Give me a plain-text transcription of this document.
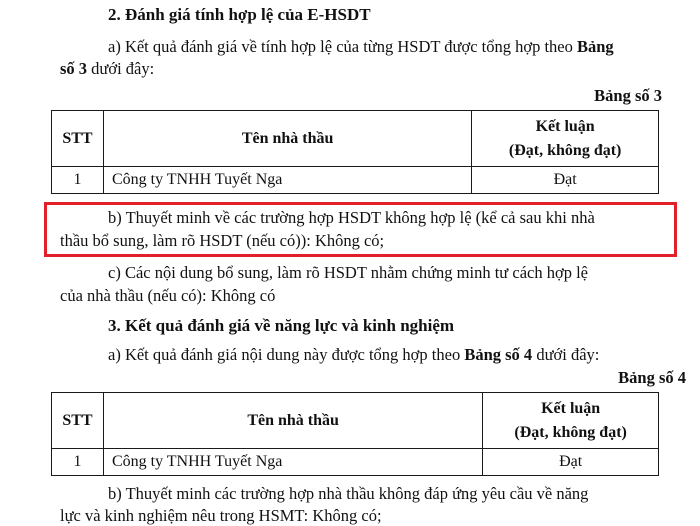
2. Đánh giá tính hợp lệ của E-HSDT
a) Kết quả đánh giá về tính hợp lệ của từng HSDT được tổng hợp theo Bảng
số 3 dưới đây:
Bảng số 3
STT	Tên nhà thầu	Kết luận
(Đạt, không đạt)

1	Công ty TNHH Tuyết Nga	Đạt
b) Thuyết minh về các trường hợp HSDT không hợp lệ (kể cả sau khi nhà
thầu bổ sung, làm rõ HSDT (nếu có)): Không có;
c) Các nội dung bổ sung, làm rõ HSDT nhằm chứng minh tư cách hợp lệ
của nhà thầu (nếu có): Không có
3. Kết quả đánh giá về năng lực và kinh nghiệm
a) Kết quả đánh giá nội dung này được tổng hợp theo Bảng số 4 dưới đây:
Bảng số 4
STT	Tên nhà thầu	Kết luận
(Đạt, không đạt)

1	Công ty TNHH Tuyết Nga	Đạt
b) Thuyết minh các trường hợp nhà thầu không đáp ứng yêu cầu về năng
lực và kinh nghiệm nêu trong HSMT: Không có;
